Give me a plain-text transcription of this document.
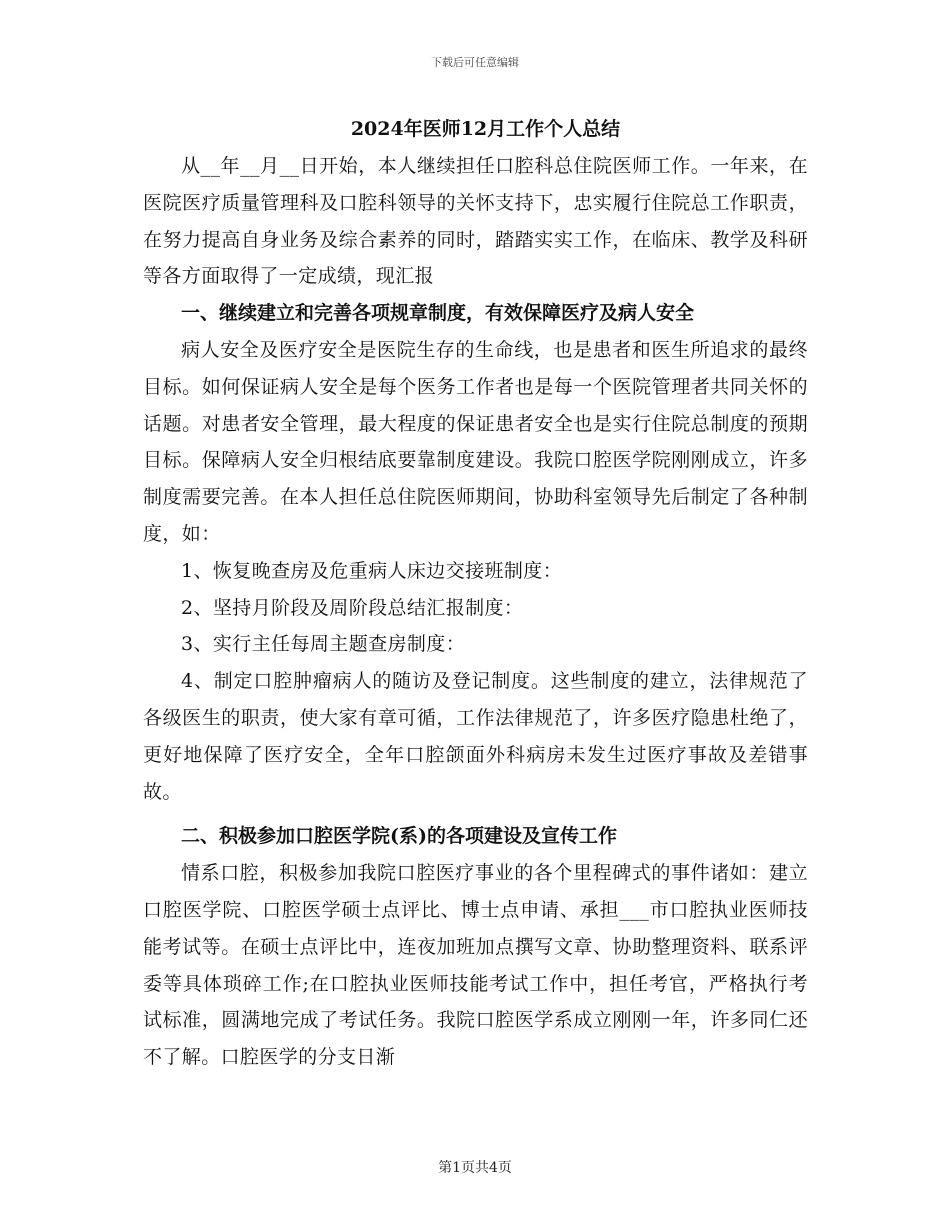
下载后可任意编辑
2024年医师12月工作个人总结

从__年__月__日开始，本人继续担任口腔科总住院医师工作。一年来，在医院医疗质量管理科及口腔科领导的关怀支持下，忠实履行住院总工作职责，在努力提高自身业务及综合素养的同时，踏踏实实工作，在临床、教学及科研等各方面取得了一定成绩，现汇报

一、继续建立和完善各项规章制度，有效保障医疗及病人安全

病人安全及医疗安全是医院生存的生命线，也是患者和医生所追求的最终目标。如何保证病人安全是每个医务工作者也是每一个医院管理者共同关怀的话题。对患者安全管理，最大程度的保证患者安全也是实行住院总制度的预期目标。保障病人安全归根结底要靠制度建设。我院口腔医学院刚刚成立，许多制度需要完善。在本人担任总住院医师期间，协助科室领导先后制定了各种制度，如：

1、恢复晚查房及危重病人床边交接班制度：

2、坚持月阶段及周阶段总结汇报制度：

3、实行主任每周主题查房制度：

4、制定口腔肿瘤病人的随访及登记制度。这些制度的建立，法律规范了各级医生的职责，使大家有章可循，工作法律规范了，许多医疗隐患杜绝了，更好地保障了医疗安全，全年口腔颌面外科病房未发生过医疗事故及差错事故。

二、积极参加口腔医学院(系)的各项建设及宣传工作

情系口腔，积极参加我院口腔医疗事业的各个里程碑式的事件诸如：建立口腔医学院、口腔医学硕士点评比、博士点申请、承担___市口腔执业医师技能考试等。在硕士点评比中，连夜加班加点撰写文章、协助整理资料、联系评委等具体琐碎工作;在口腔执业医师技能考试工作中，担任考官，严格执行考试标准，圆满地完成了考试任务。我院口腔医学系成立刚刚一年，许多同仁还不了解。口腔医学的分支日渐

第1页共4页
